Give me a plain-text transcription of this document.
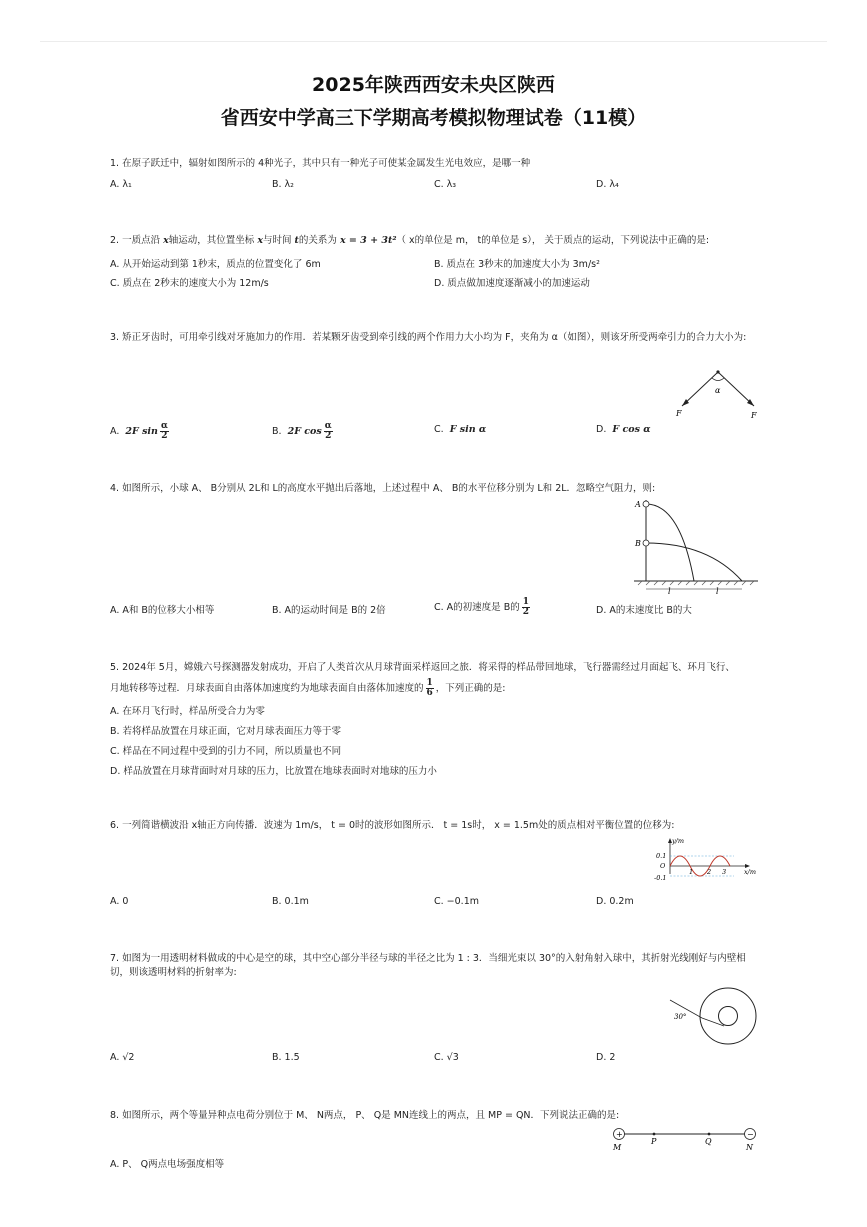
2025年陕西西安未央区陕西
省西安中学高三下学期高考模拟物理试卷（11模）
1. 在原子跃迁中，辐射如图所示的 4种光子，其中只有一种光子可使某金属发生光电效应，是哪一种
A. λ₁	B. λ₂	C. λ₃	D. λ₄
2. 一质点沿 x轴运动，其位置坐标 x与时间 t的关系为 x = 3 + 3t²（ x的单位是 m， t的单位是 s）， 关于质点的运动，下列说法中正确的是:
A. 从开始运动到第 1秒末，质点的位置变化了 6m	B. 质点在 3秒末的加速度大小为 3m/s²
C. 质点在 2秒末的速度大小为 12m/s	D. 质点做加速度逐渐减小的加速运动
3. 矫正牙齿时，可用牵引线对牙施加力的作用．若某颗牙齿受到牵引线的两个作用力大小均为 F，夹角为 α（如图），则该牙所受两牵引力的合力大小为:
α
F	F
A. 2F $\sin \frac{\alpha}{2}$	B. 2F $\cos \frac{\alpha}{2}$	C. F sin α	D. F cos α
4. 如图所示，小球 A、 B分别从 2L和 L的高度水平抛出后落地，上述过程中 A、 B的水平位移分别为 L和 2L．忽略空气阻力，则:
A
B
l	l
A. A和 B的位移大小相等	B. A的运动时间是 B的 2倍	C. A的初速度是 B的 $\frac{1}{2}$	D. A的末速度比 B的大
5. 2024年 5月，嫦娥六号探测器发射成功，开启了人类首次从月球背面采样返回之旅．将采得的样品带回地球，飞行器需经过月面起飞、环月飞行、
月地转移等过程．月球表面自由落体加速度约为地球表面自由落体加速度的 $\frac{1}{6}$ ，下列正确的是:
A. 在环月飞行时，样品所受合力为零
B. 若将样品放置在月球正面，它对月球表面压力等于零
C. 样品在不同过程中受到的引力不同，所以质量也不同
D. 样品放置在月球背面时对月球的压力，比放置在地球表面时对地球的压力小
6. 一列简谐横波沿 x轴正方向传播．波速为 1m/s， t = 0时的波形如图所示． t = 1s时， x = 1.5m处的质点相对平衡位置的位移为:
y/m
0.1
O
-0.1
1 2 3	x/m
A. 0	B. 0.1m	C. −0.1m	D. 0.2m
7. 如图为一用透明材料做成的中心是空的球，其中空心部分半径与球的半径之比为 1 : 3．当细光束以 30°的入射角射入球中，其折射光线刚好与内壁相切，则该透明材料的折射率为:
30°
A. √2	B. 1.5	C. √3	D. 2
8. 如图所示，两个等量异种点电荷分别位于 M、 N两点， P、 Q是 MN连线上的两点，且 MP = QN．下列说法正确的是:
+	−
M
P	Q
N
A. P、 Q两点电场强度相等
